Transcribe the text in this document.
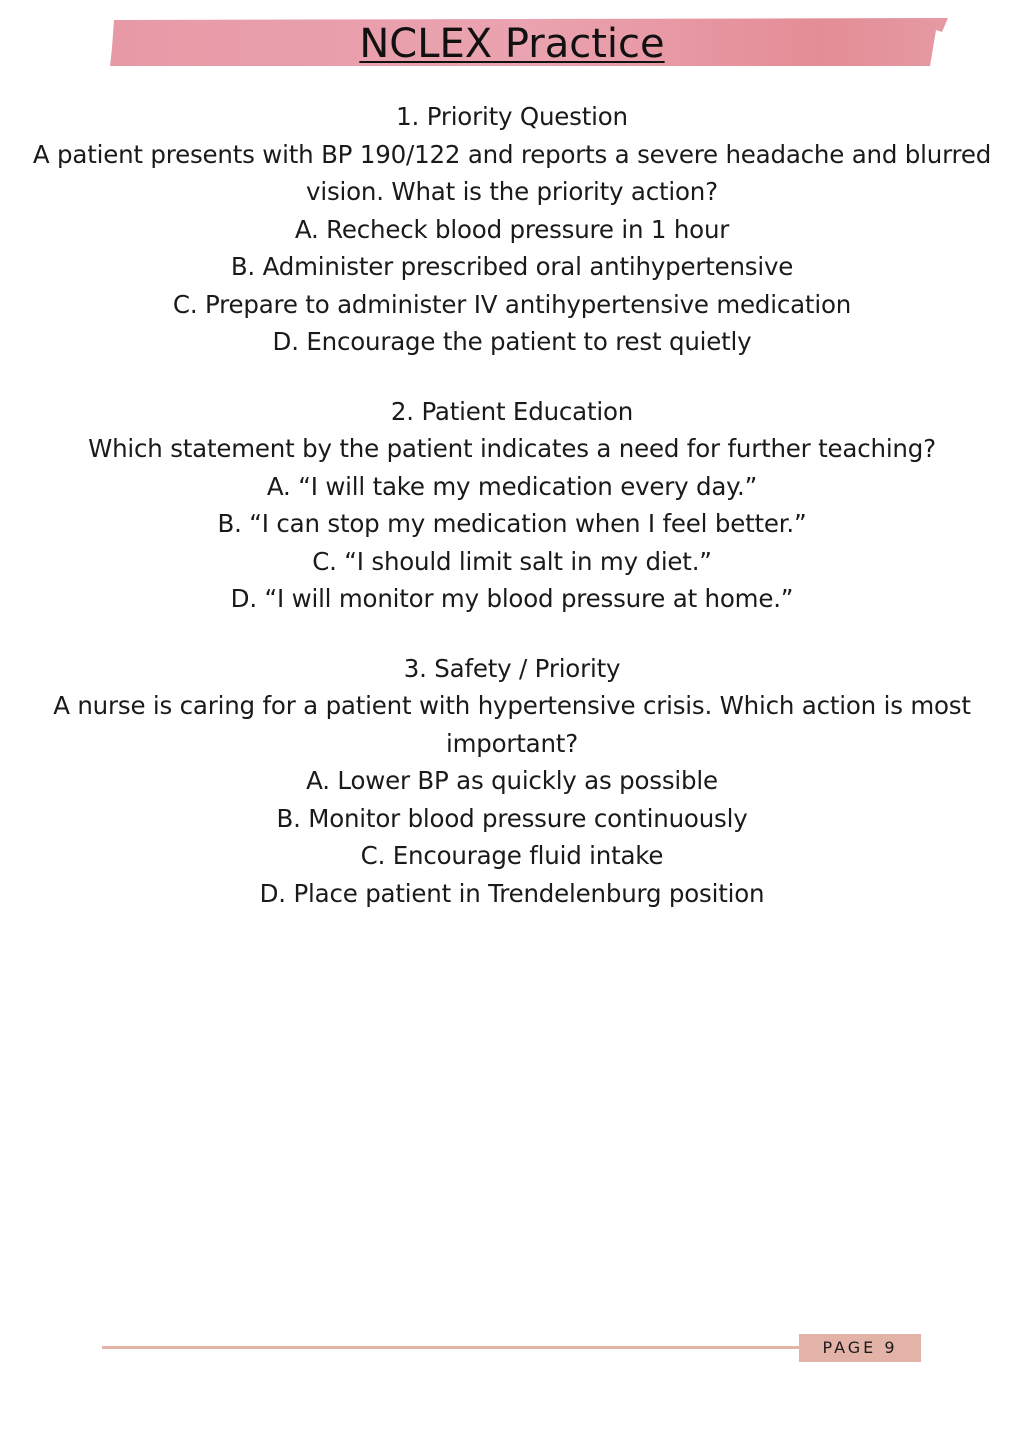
NCLEX Practice
1. Priority Question
A patient presents with BP 190/122 and reports a severe headache and blurred vision. What is the priority action?
A. Recheck blood pressure in 1 hour
B. Administer prescribed oral antihypertensive
C. Prepare to administer IV antihypertensive medication
D. Encourage the patient to rest quietly
2. Patient Education
Which statement by the patient indicates a need for further teaching?
A. “I will take my medication every day.”
B. “I can stop my medication when I feel better.”
C. “I should limit salt in my diet.”
D. “I will monitor my blood pressure at home.”
3. Safety / Priority
A nurse is caring for a patient with hypertensive crisis. Which action is most important?
A. Lower BP as quickly as possible
B. Monitor blood pressure continuously
C. Encourage fluid intake
D. Place patient in Trendelenburg position
PAGE 9
